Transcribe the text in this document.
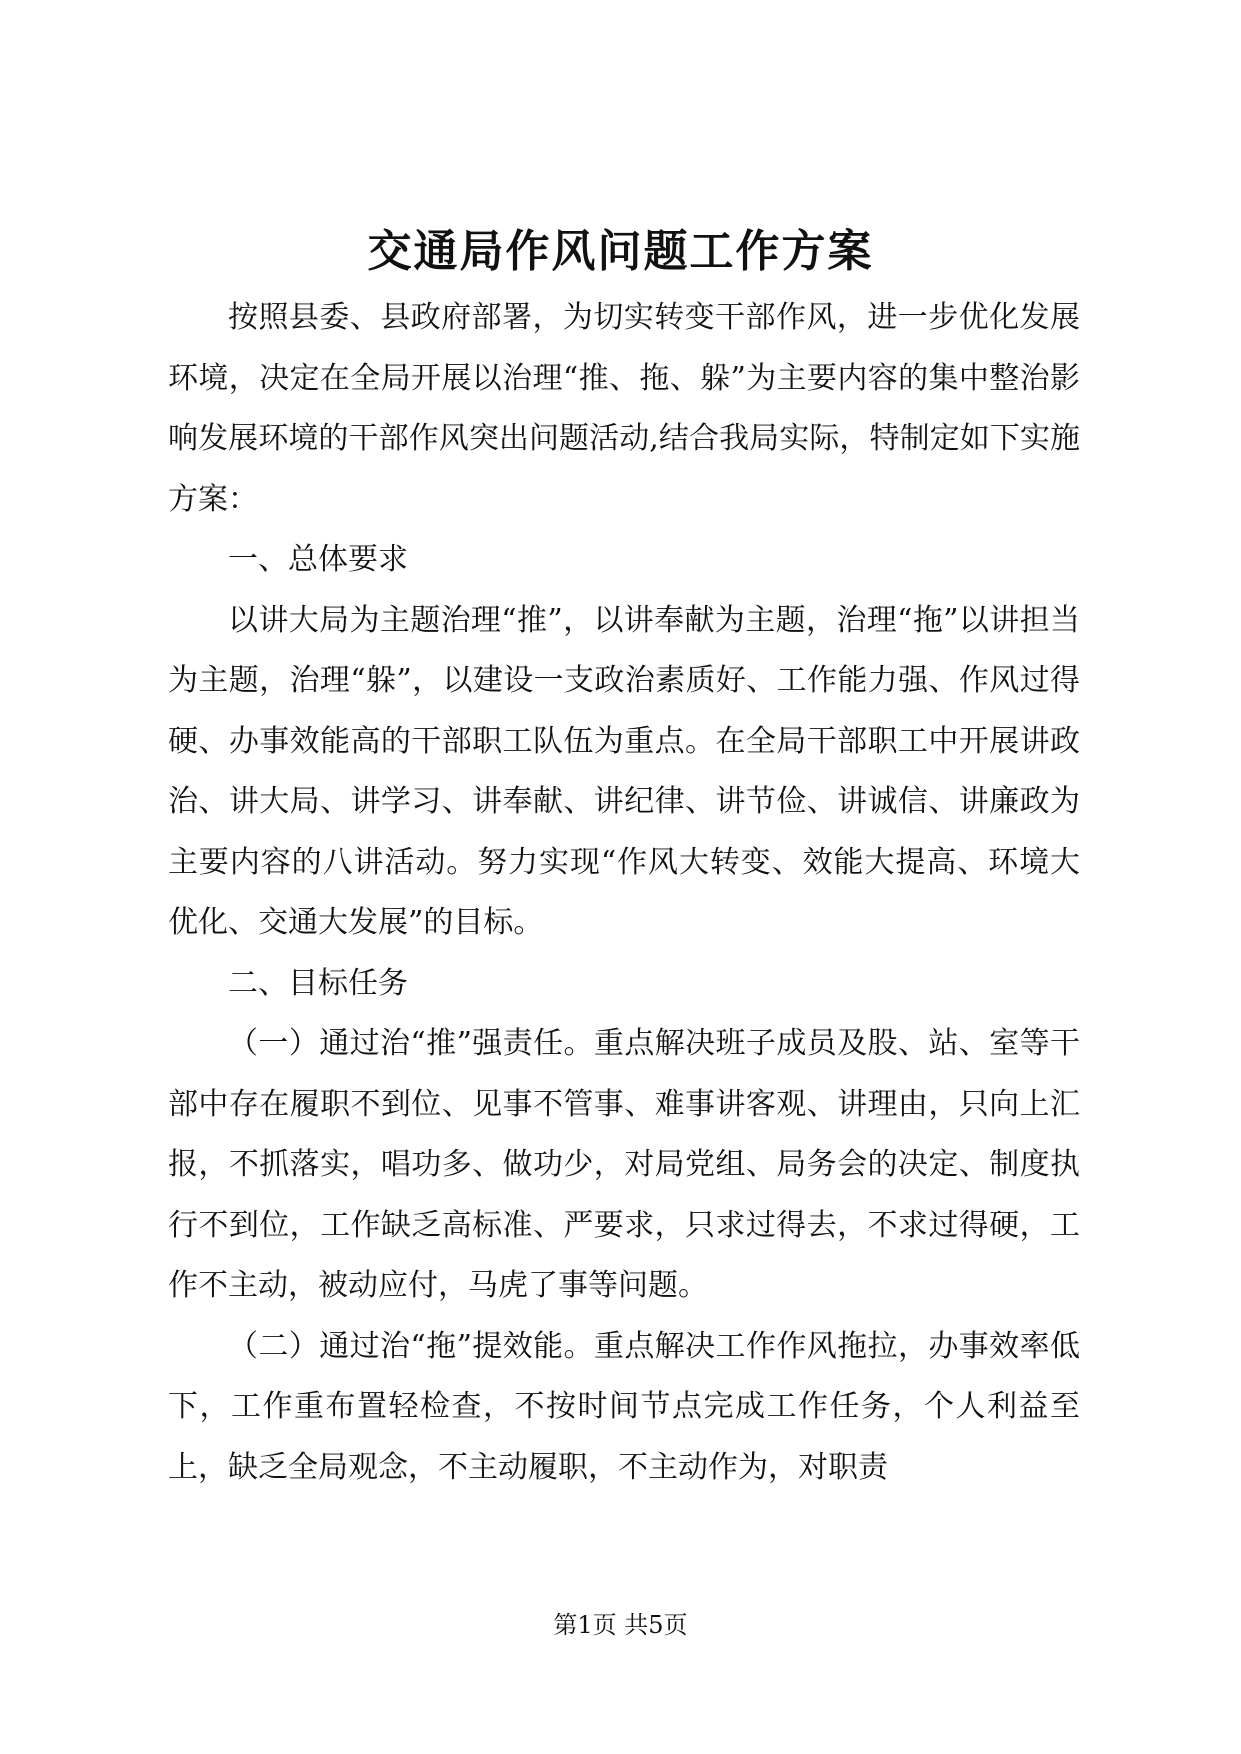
交通局作风问题工作方案

按照县委、县政府部署，为切实转变干部作风，进一步优化发展环境，决定在全局开展以治理“推、拖、躲”为主要内容的集中整治影响发展环境的干部作风突出问题活动,结合我局实际，特制定如下实施方案：

一、总体要求

以讲大局为主题治理“推”，以讲奉献为主题，治理“拖”以讲担当为主题，治理“躲”，以建设一支政治素质好、工作能力强、作风过得硬、办事效能高的干部职工队伍为重点。在全局干部职工中开展讲政治、讲大局、讲学习、讲奉献、讲纪律、讲节俭、讲诚信、讲廉政为主要内容的八讲活动。努力实现“作风大转变、效能大提高、环境大优化、交通大发展”的目标。

二、目标任务

（一）通过治“推”强责任。重点解决班子成员及股、站、室等干部中存在履职不到位、见事不管事、难事讲客观、讲理由，只向上汇报，不抓落实，唱功多、做功少，对局党组、局务会的决定、制度执行不到位，工作缺乏高标准、严要求，只求过得去，不求过得硬，工作不主动，被动应付，马虎了事等问题。

（二）通过治“拖”提效能。重点解决工作作风拖拉，办事效率低下，工作重布置轻检查，不按时间节点完成工作任务，个人利益至上，缺乏全局观念，不主动履职，不主动作为，对职责

第1页 共5页
